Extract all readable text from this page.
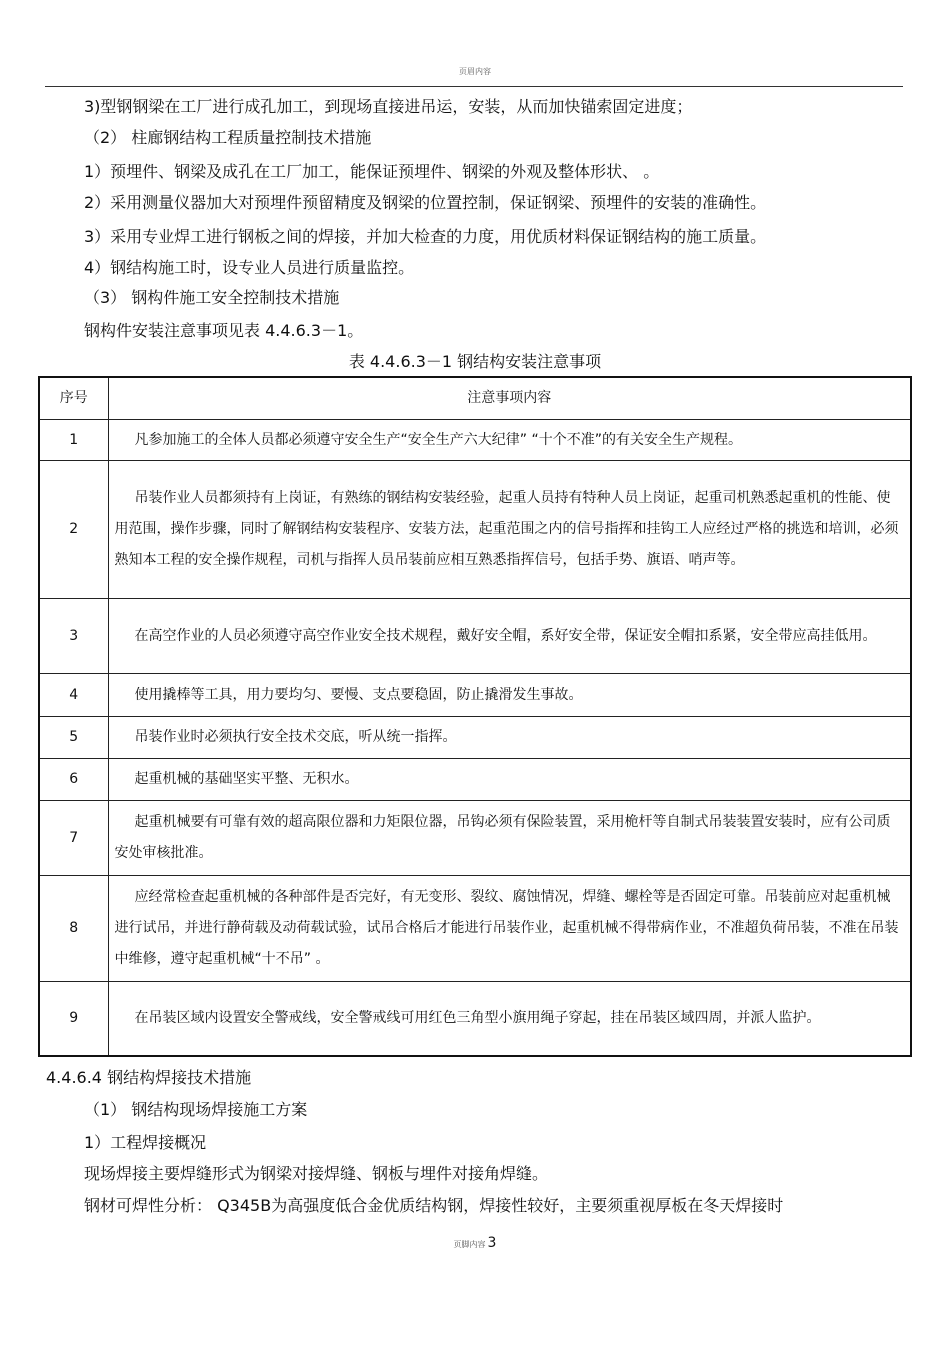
页眉内容
3)型钢钢梁在工厂进行成孔加工，到现场直接进吊运，安装，从而加快锚索固定进度；
（2） 柱廊钢结构工程质量控制技术措施
1）预埋件、钢梁及成孔在工厂加工，能保证预埋件、钢梁的外观及整体形状、 。
2）采用测量仪器加大对预埋件预留精度及钢梁的位置控制，保证钢梁、预埋件的安装的准确性。
3）采用专业焊工进行钢板之间的焊接，并加大检查的力度，用优质材料保证钢结构的施工质量。
4）钢结构施工时，设专业人员进行质量监控。
（3） 钢构件施工安全控制技术措施
钢构件安装注意事项见表 4.4.6.3－1。
表 4.4.6.3－1 钢结构安装注意事项
序号	注意事项内容
1	凡参加施工的全体人员都必须遵守安全生产“安全生产六大纪律” “十个不准”的有关安全生产规程。
2	吊装作业人员都须持有上岗证，有熟练的钢结构安装经验，起重人员持有特种人员上岗证，起重司机熟悉起重机的性能、使用范围，操作步骤，同时了解钢结构安装程序、安装方法，起重范围之内的信号指挥和挂钩工人应经过严格的挑选和培训，必须熟知本工程的安全操作规程，司机与指挥人员吊装前应相互熟悉指挥信号，包括手势、旗语、哨声等。
3	在高空作业的人员必须遵守高空作业安全技术规程，戴好安全帽，系好安全带，保证安全帽扣系紧，安全带应高挂低用。
4	使用撬棒等工具，用力要均匀、要慢、支点要稳固，防止撬滑发生事故。
5	吊装作业时必须执行安全技术交底，听从统一指挥。
6	起重机械的基础坚实平整、无积水。
7	起重机械要有可靠有效的超高限位器和力矩限位器，吊钩必须有保险装置，采用桅杆等自制式吊装装置安装时，应有公司质安处审核批准。
8	应经常检查起重机械的各种部件是否完好，有无变形、裂纹、腐蚀情况，焊缝、螺栓等是否固定可靠。吊装前应对起重机械进行试吊，并进行静荷载及动荷载试验，试吊合格后才能进行吊装作业，起重机械不得带病作业，不准超负荷吊装，不准在吊装中维修，遵守起重机械“十不吊” 。
9	在吊装区域内设置安全警戒线，安全警戒线可用红色三角型小旗用绳子穿起，挂在吊装区域四周，并派人监护。
4.4.6.4 钢结构焊接技术措施
（1） 钢结构现场焊接施工方案
1）工程焊接概况
现场焊接主要焊缝形式为钢梁对接焊缝、钢板与埋件对接角焊缝。
钢材可焊性分析： Q345B为高强度低合金优质结构钢，焊接性较好，主要须重视厚板在冬天焊接时
页脚内容 3
